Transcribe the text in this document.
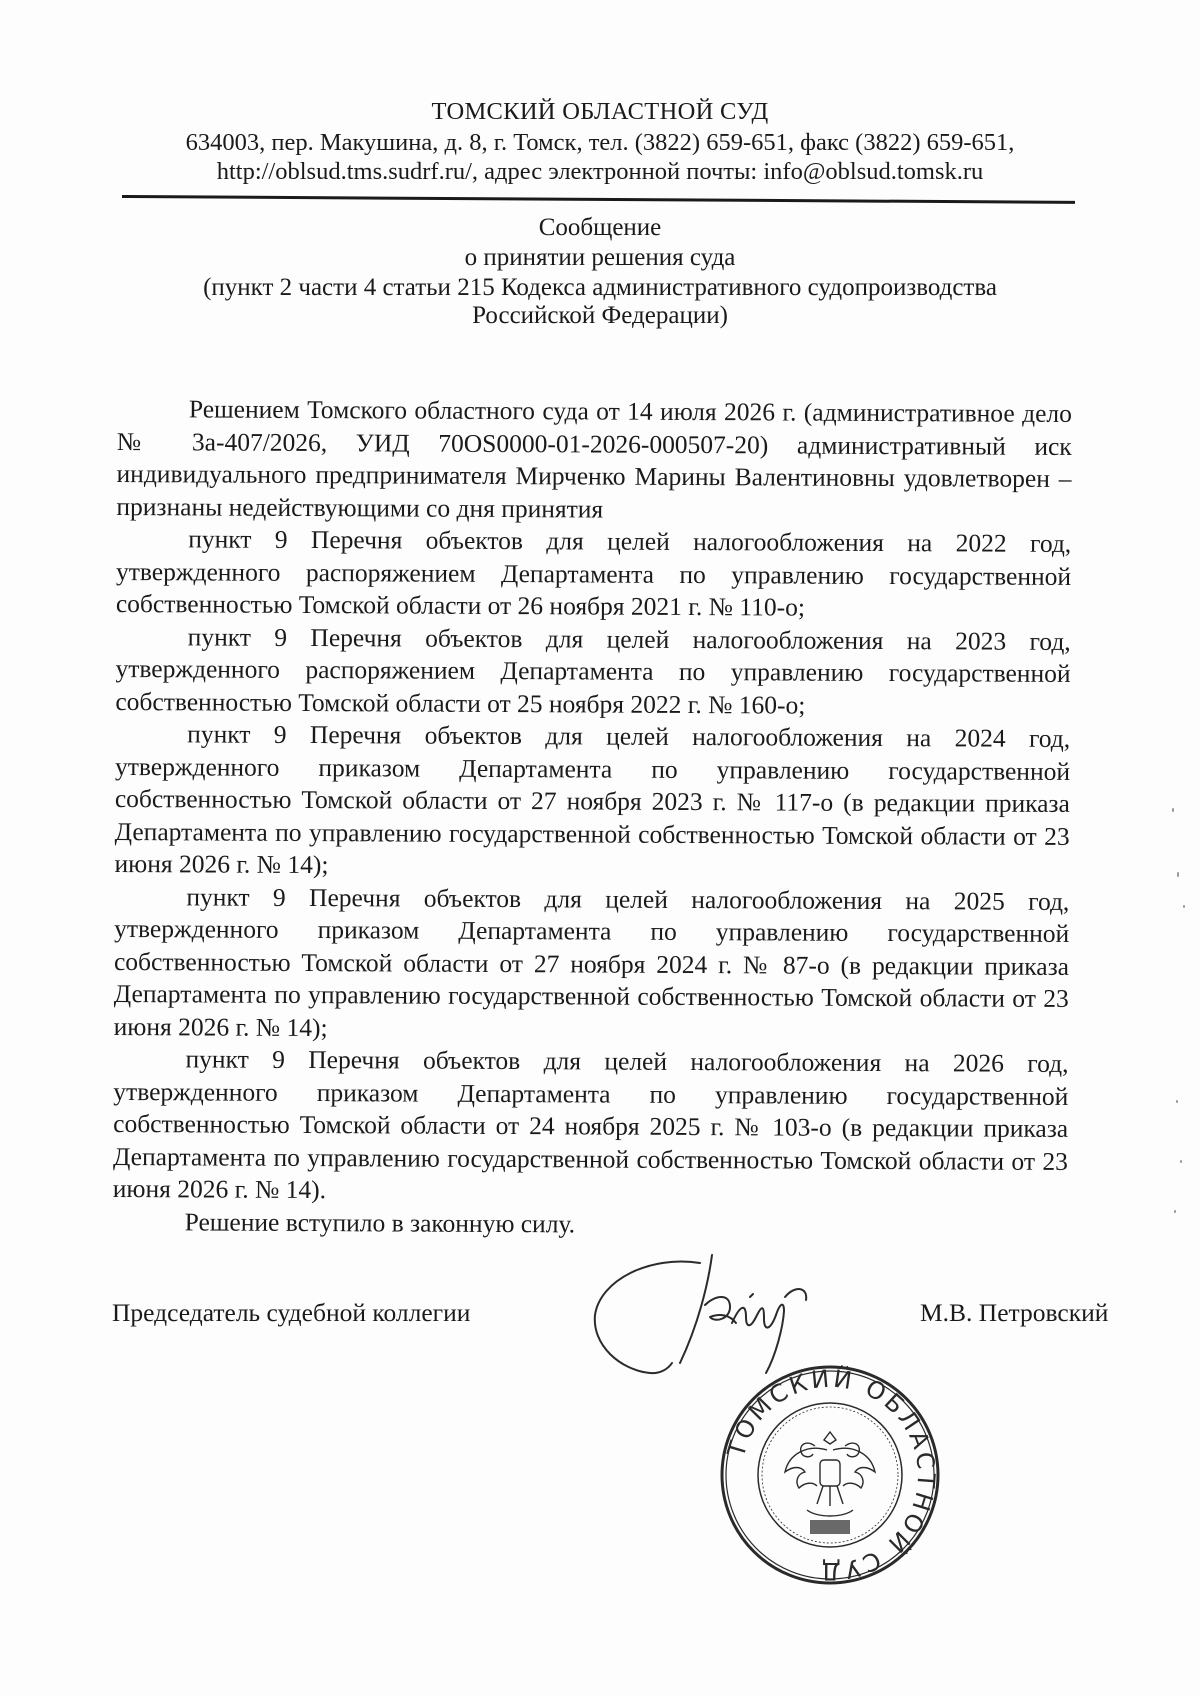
ТОМСКИЙ ОБЛАСТНОЙ СУД
634003, пер. Макушина, д. 8, г. Томск, тел. (3822) 659-651, факс (3822) 659-651,
http://oblsud.tms.sudrf.ru/, адрес электронной почты: info@oblsud.tomsk.ru
Сообщение
о принятии решения суда
(пункт 2 части 4 статьи 215 Кодекса административного судопроизводства
Российской Федерации)

Решением Томского областного суда от 14 июля 2026 г. (административное дело № 3а-407/2026, УИД 70OS0000-01-2026-000507-20) административный иск индивидуального предпринимателя Мирченко Марины Валентиновны удовлетворен – признаны недействующими со дня принятия

пункт 9 Перечня объектов для целей налогообложения на 2022 год, утвержденного распоряжением Департамента по управлению государственной собственностью Томской области от 26 ноября 2021 г. № 110-о;

пункт 9 Перечня объектов для целей налогообложения на 2023 год, утвержденного распоряжением Департамента по управлению государственной собственностью Томской области от 25 ноября 2022 г. № 160-о;

пункт 9 Перечня объектов для целей налогообложения на 2024 год, утвержденного приказом Департамента по управлению государственной собственностью Томской области от 27 ноября 2023 г. № 117-о (в редакции приказа Департамента по управлению государственной собственностью Томской области от 23 июня 2026 г. № 14);

пункт 9 Перечня объектов для целей налогообложения на 2025 год, утвержденного приказом Департамента по управлению государственной собственностью Томской области от 27 ноября 2024 г. № 87-о (в редакции приказа Департамента по управлению государственной собственностью Томской области от 23 июня 2026 г. № 14);

пункт 9 Перечня объектов для целей налогообложения на 2026 год, утвержденного приказом Департамента по управлению государственной собственностью Томской области от 24 ноября 2025 г. № 103-о (в редакции приказа Департамента по управлению государственной собственностью Томской области от 23 июня 2026 г. № 14).

Решение вступило в законную силу.

Председатель судебной коллегии	М.В. Петровский
ТОМСКИЙ ОБЛАСТНОЙ СУД
